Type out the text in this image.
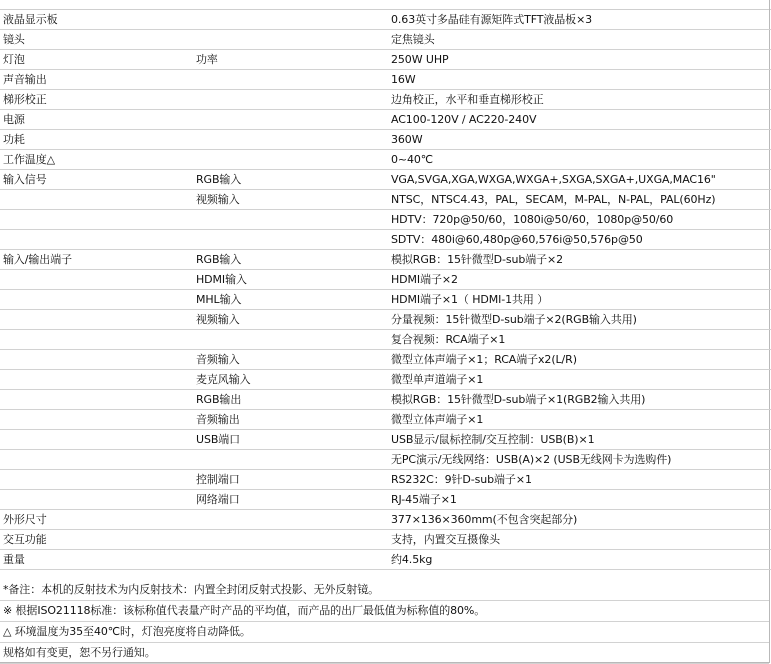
液晶显示板		0.63英寸多晶硅有源矩阵式TFT液晶板×3
镜头		定焦镜头
灯泡	功率	250W UHP
声音输出		16W
梯形校正		边角校正，水平和垂直梯形校正
电源		AC100-120V / AC220-240V
功耗		360W
工作温度△		0~40℃
输入信号	RGB输入	VGA,SVGA,XGA,WXGA,WXGA+,SXGA,SXGA+,UXGA,MAC16"
	视频输入	NTSC，NTSC4.43，PAL，SECAM，M-PAL，N-PAL，PAL(60Hz)
		HDTV：720p@50/60，1080i@50/60，1080p@50/60
		SDTV：480i@60,480p@60,576i@50,576p@50
输入/输出端子	RGB输入	模拟RGB：15针微型D-sub端子×2
	HDMI输入	HDMI端子×2
	MHL输入	HDMI端子×1（ HDMI-1共用 ）
	视频输入	分量视频：15针微型D-sub端子×2(RGB输入共用)
		复合视频：RCA端子×1
	音频输入	微型立体声端子×1；RCA端子x2(L/R)
	麦克风输入	微型单声道端子×1
	RGB输出	模拟RGB：15针微型D-sub端子×1(RGB2输入共用)
	音频输出	微型立体声端子×1
	USB端口	USB显示/鼠标控制/交互控制：USB(B)×1
		无PC演示/无线网络：USB(A)×2 (USB无线网卡为选购件)
	控制端口	RS232C：9针D-sub端子×1
	网络端口	RJ-45端子×1
外形尺寸		377×136×360mm(不包含突起部分)
交互功能		支持，内置交互摄像头
重量		约4.5kg
*备注：本机的反射技术为内反射技术：内置全封闭反射式投影、无外反射镜。
※ 根据ISO21118标准：该标称值代表量产时产品的平均值，而产品的出厂最低值为标称值的80%。
△ 环境温度为35至40℃时，灯泡亮度将自动降低。
规格如有变更，恕不另行通知。
